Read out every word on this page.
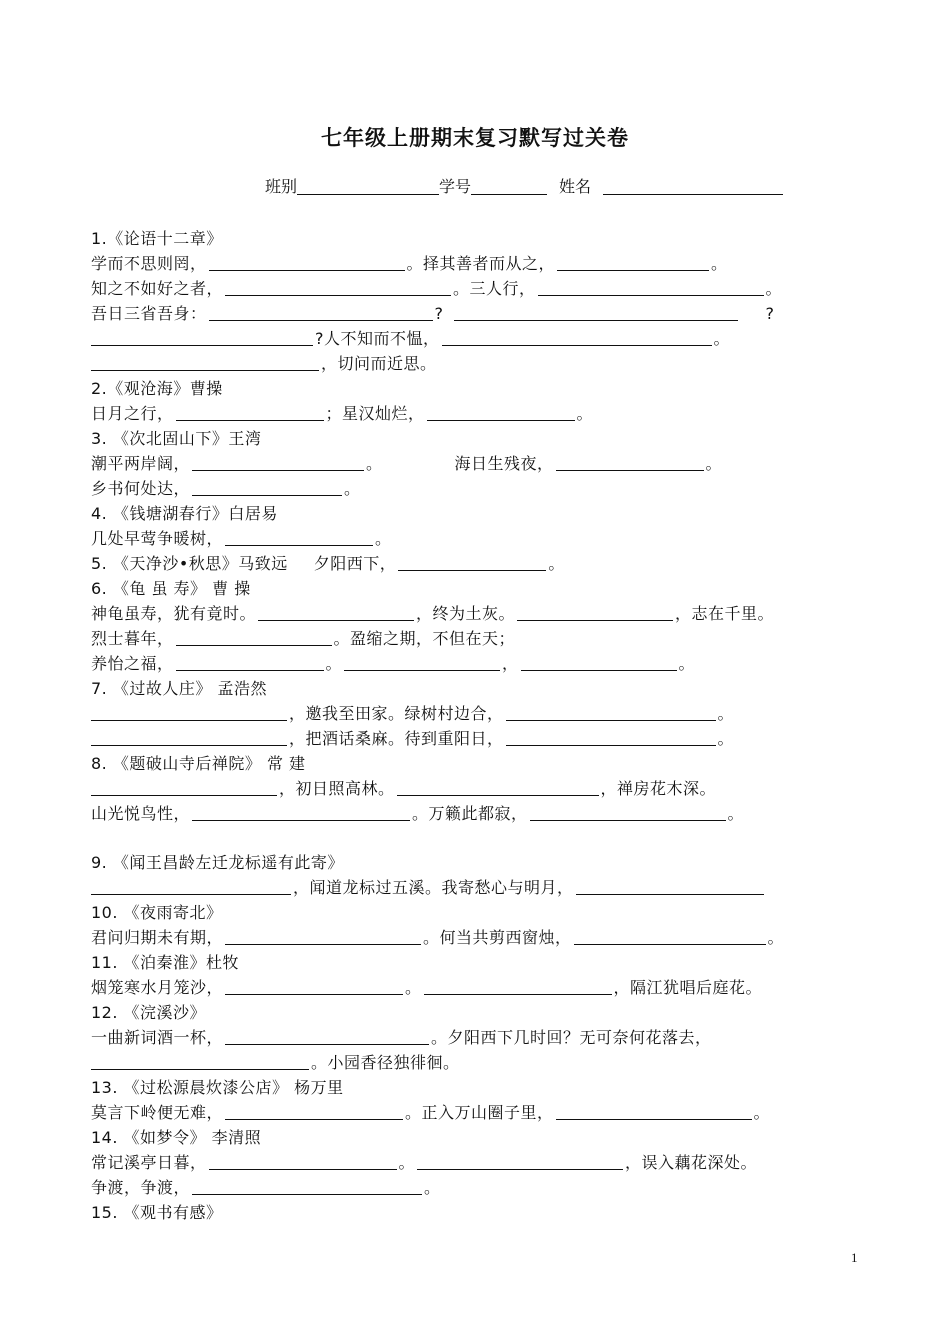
七年级上册期末复习默写过关卷
班别	学号	姓名
1.《论语十二章》
学而不思则罔，	。择其善者而从之，	。
知之不如好之者，	。三人行，	。
吾日三省吾身：	?	?
?人不知而不愠，	。
，切问而近思。
2.《观沧海》曹操
日月之行，	；星汉灿烂，	。
3. 《次北固山下》王湾
潮平两岸阔，	。	海日生残夜，	。
乡书何处达，	。
4. 《钱塘湖春行》白居易
几处早莺争暖树，	。
5. 《天净沙•秋思》马致远 夕阳西下，	。
6. 《龟 虽 寿》 曹 操
神龟虽寿，犹有竟时。	，终为土灰。	，志在千里。
烈士暮年，	。盈缩之期，不但在天；
养怡之福，	。	，	。
7. 《过故人庄》 孟浩然
，邀我至田家。绿树村边合，	。
，把酒话桑麻。待到重阳日，	。
8. 《题破山寺后禅院》 常 建
，初日照高林。	，禅房花木深。
山光悦鸟性，	。万籁此都寂，	。
9. 《闻王昌龄左迁龙标遥有此寄》
，闻道龙标过五溪。我寄愁心与明月，
10. 《夜雨寄北》
君问归期未有期，	。何当共剪西窗烛，	。
11. 《泊秦淮》杜牧
烟笼寒水月笼沙，	。	，隔江犹唱后庭花。
12. 《浣溪沙》
一曲新词酒一杯，	。夕阳西下几时回？无可奈何花落去，
。小园香径独徘徊。
13. 《过松源晨炊漆公店》 杨万里
莫言下岭便无难，	。正入万山圈子里，	。
14. 《如梦令》 李清照
常记溪亭日暮，	。	，误入藕花深处。
争渡，争渡，	。
15. 《观书有感》
1
